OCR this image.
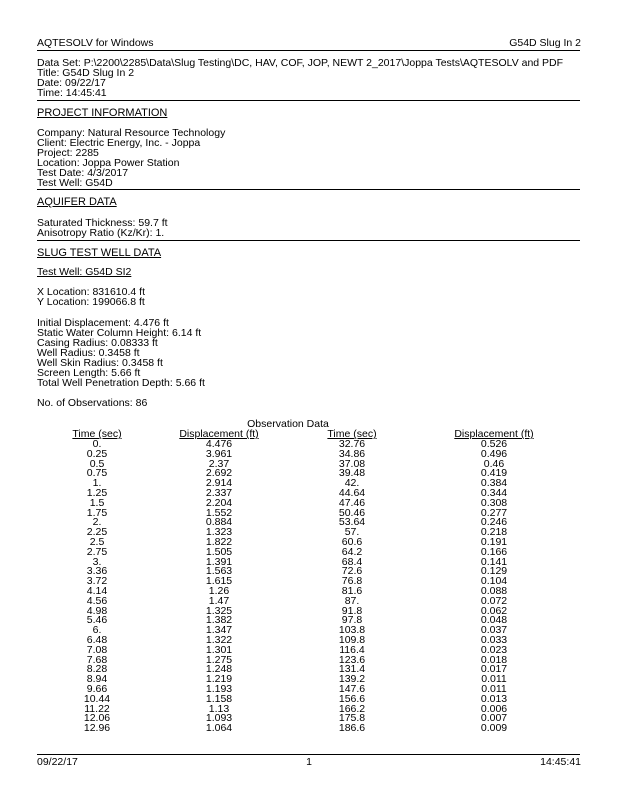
AQTESOLV for Windows	G54D Slug In 2
Data Set: P:\2200\2285\Data\Slug Testing\DC, HAV, COF, JOP, NEWT 2_2017\Joppa Tests\AQTESOLV and PDF
Title: G54D Slug In 2
Date: 09/22/17
Time: 14:45:41
PROJECT INFORMATION
Company: Natural Resource Technology
Client: Electric Energy, Inc. - Joppa
Project: 2285
Location: Joppa Power Station
Test Date: 4/3/2017
Test Well: G54D
AQUIFER DATA
Saturated Thickness: 59.7 ft
Anisotropy Ratio (Kz/Kr): 1.
SLUG TEST WELL DATA
Test Well: G54D SI2
X Location: 831610.4 ft
Y Location: 199066.8 ft
Initial Displacement: 4.476 ft
Static Water Column Height: 6.14 ft
Casing Radius: 0.08333 ft
Well Radius: 0.3458 ft
Well Skin Radius: 0.3458 ft
Screen Length: 5.66 ft
Total Well Penetration Depth: 5.66 ft
No. of Observations: 86
Observation Data
Time (sec)	Displacement (ft)	Time (sec)	Displacement (ft)
0.	4.476	32.76	0.526
0.25	3.961	34.86	0.496
0.5	2.37	37.08	0.46
0.75	2.692	39.48	0.419
1.	2.914	42.	0.384
1.25	2.337	44.64	0.344
1.5	2.204	47.46	0.308
1.75	1.552	50.46	0.277
2.	0.884	53.64	0.246
2.25	1.323	57.	0.218
2.5	1.822	60.6	0.191
2.75	1.505	64.2	0.166
3.	1.391	68.4	0.141
3.36	1.563	72.6	0.129
3.72	1.615	76.8	0.104
4.14	1.26	81.6	0.088
4.56	1.47	87.	0.072
4.98	1.325	91.8	0.062
5.46	1.382	97.8	0.048
6.	1.347	103.8	0.037
6.48	1.322	109.8	0.033
7.08	1.301	116.4	0.023
7.68	1.275	123.6	0.018
8.28	1.248	131.4	0.017
8.94	1.219	139.2	0.011
9.66	1.193	147.6	0.011
10.44	1.158	156.6	0.013
11.22	1.13	166.2	0.006
12.06	1.093	175.8	0.007
12.96	1.064	186.6	0.009
09/22/17	1	14:45:41
